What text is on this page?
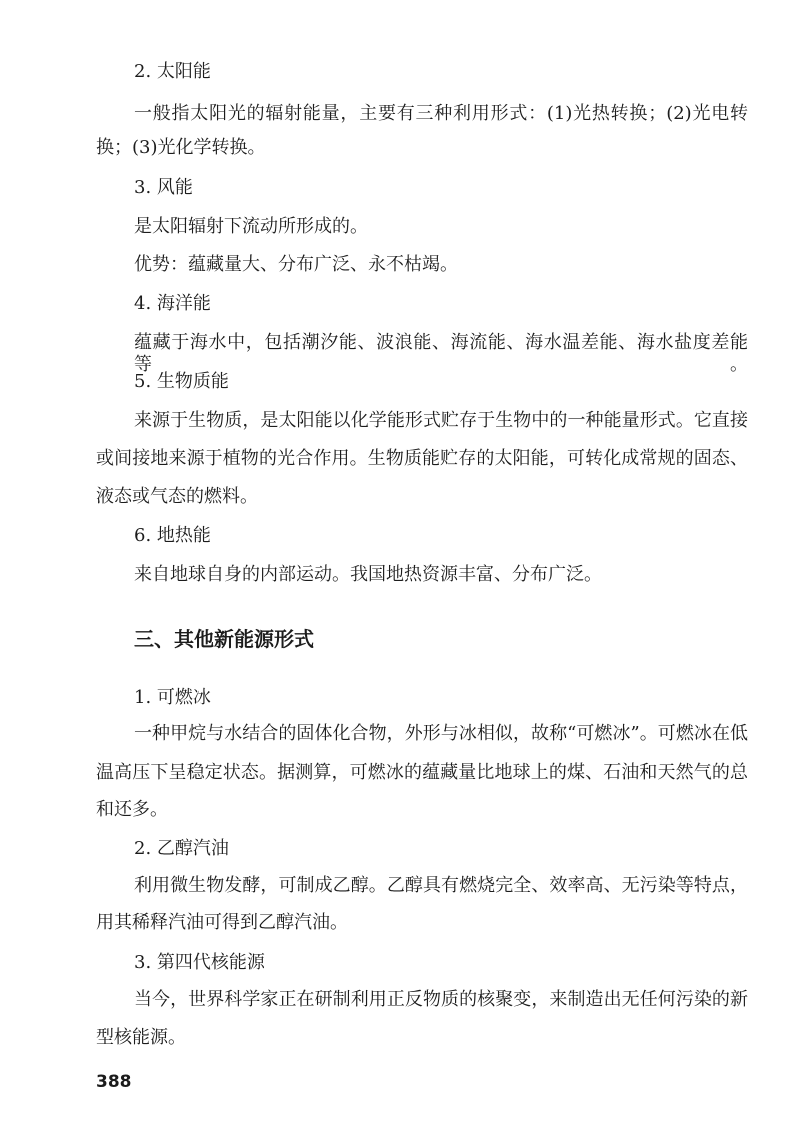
2. 太阳能
一般指太阳光的辐射能量，主要有三种利用形式：(1)光热转换；(2)光电转
换；(3)光化学转换。
3. 风能
是太阳辐射下流动所形成的。
优势：蕴藏量大、分布广泛、永不枯竭。
4. 海洋能
蕴藏于海水中，包括潮汐能、波浪能、海流能、海水温差能、海水盐度差能等。
5. 生物质能
来源于生物质，是太阳能以化学能形式贮存于生物中的一种能量形式。它直接
或间接地来源于植物的光合作用。生物质能贮存的太阳能，可转化成常规的固态、
液态或气态的燃料。
6. 地热能
来自地球自身的内部运动。我国地热资源丰富、分布广泛。
三、其他新能源形式
1. 可燃冰
一种甲烷与水结合的固体化合物，外形与冰相似，故称“可燃冰”。可燃冰在低
温高压下呈稳定状态。据测算，可燃冰的蕴藏量比地球上的煤、石油和天然气的总
和还多。
2. 乙醇汽油
利用微生物发酵，可制成乙醇。乙醇具有燃烧完全、效率高、无污染等特点，
用其稀释汽油可得到乙醇汽油。
3. 第四代核能源
当今，世界科学家正在研制利用正反物质的核聚变，来制造出无任何污染的新
型核能源。
388
